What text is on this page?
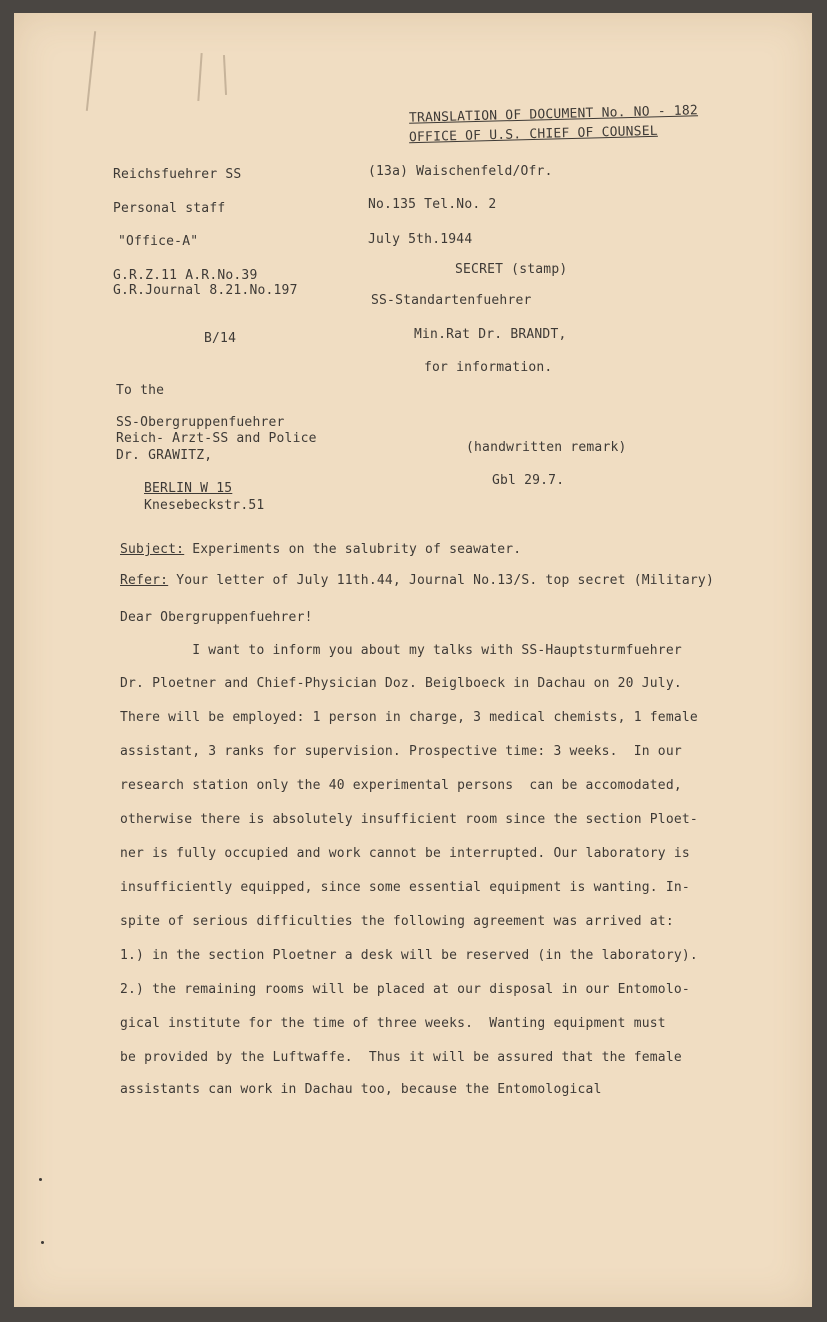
TRANSLATION OF DOCUMENT No. NO - 182
OFFICE OF U.S. CHIEF OF COUNSEL
Reichsfuehrer SS
Personal staff
"Office-A"
G.R.Z.11 A.R.No.39
G.R.Journal 8.21.No.197
B/14
(13a) Waischenfeld/Ofr.
No.135 Tel.No. 2
July 5th.1944
SECRET (stamp)
SS-Standartenfuehrer
Min.Rat Dr. BRANDT,
for information.
To the
SS-Obergruppenfuehrer
Reich- Arzt-SS and Police
Dr. GRAWITZ,
BERLIN W 15
Knesebeckstr.51
(handwritten remark)
Gbl 29.7.
Subject: Experiments on the salubrity of seawater.
Refer: Your letter of July 11th.44, Journal No.13/S. top secret (Military)
Dear Obergruppenfuehrer!
I want to inform you about my talks with SS-Hauptsturmfuehrer
Dr. Ploetner and Chief-Physician Doz. Beiglboeck in Dachau on 20 July.
There will be employed: 1 person in charge, 3 medical chemists, 1 female
assistant, 3 ranks for supervision. Prospective time: 3 weeks.  In our
research station only the 40 experimental persons  can be accomodated,
otherwise there is absolutely insufficient room since the section Ploet-
ner is fully occupied and work cannot be interrupted. Our laboratory is
insufficiently equipped, since some essential equipment is wanting. In-
spite of serious difficulties the following agreement was arrived at:
1.) in the section Ploetner a desk will be reserved (in the laboratory).
2.) the remaining rooms will be placed at our disposal in our Entomolo-
gical institute for the time of three weeks.  Wanting equipment must
be provided by the Luftwaffe.  Thus it will be assured that the female
assistants can work in Dachau too, because the Entomological
